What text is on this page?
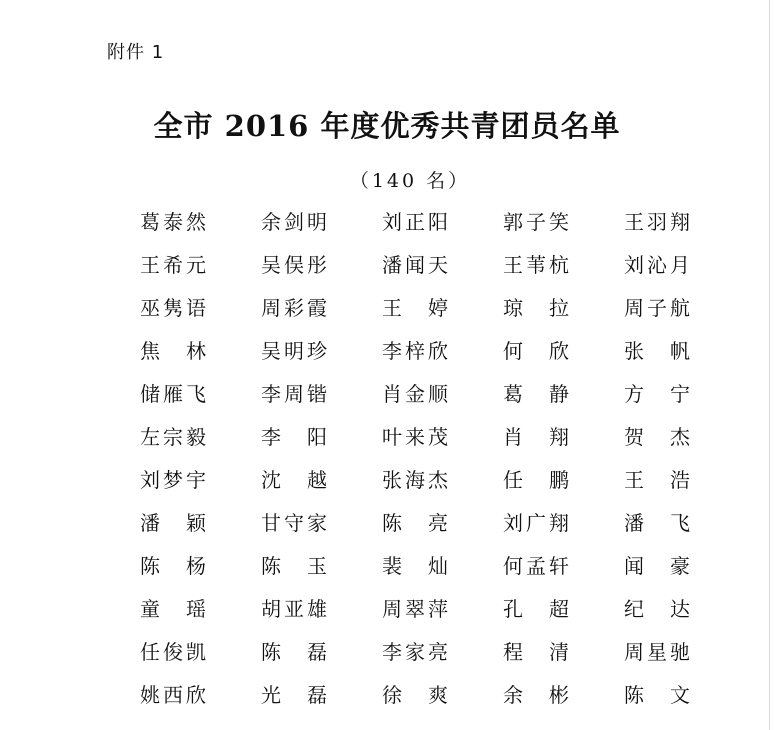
附件 1
全市 2016 年度优秀共青团员名单
（140 名）
葛泰然	余剑明	刘正阳	郭子笑	王羽翔
王希元	吴俣彤	潘闻天	王苇杭	刘沁月
巫隽语	周彩霞	王 婷	琼 拉	周子航
焦 林	吴明珍	李梓欣	何 欣	张 帆
储雁飞	李周锴	肖金顺	葛 静	方 宁
左宗毅	李 阳	叶来茂	肖 翔	贺 杰
刘梦宇	沈 越	张海杰	任 鹏	王 浩
潘 颖	甘守家	陈 亮	刘广翔	潘 飞
陈 杨	陈 玉	裴 灿	何孟轩	闻 豪
童 瑶	胡亚雄	周翠萍	孔 超	纪 达
任俊凯	陈 磊	李家亮	程 清	周星驰
姚西欣	光 磊	徐 爽	余 彬	陈 文
